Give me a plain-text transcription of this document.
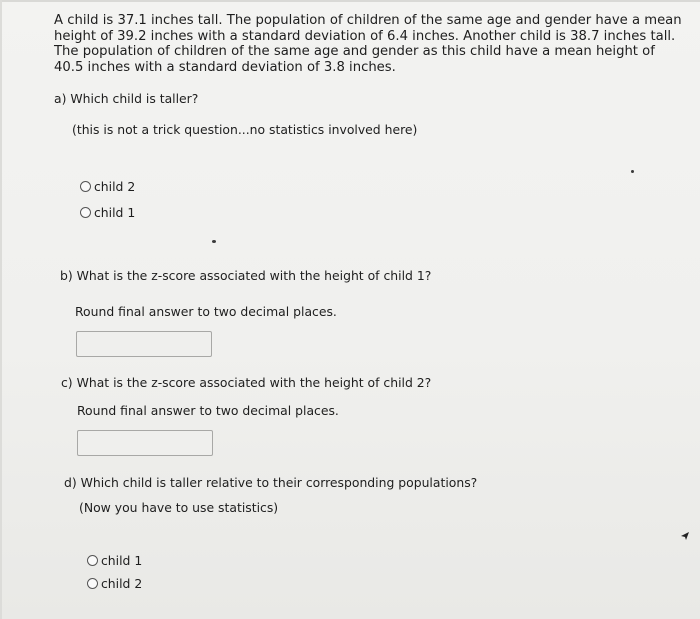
A child is 37.1 inches tall. The population of children of the same age and gender have a mean height of 39.2 inches with a standard deviation of 6.4 inches. Another child is 38.7 inches tall. The population of children of the same age and gender as this child have a mean height of 40.5 inches with a standard deviation of 3.8 inches.
a) Which child is taller?
(this is not a trick question...no statistics involved here)
child 2
child 1
b) What is the z-score associated with the height of child 1?
Round final answer to two decimal places.
c) What is the z-score associated with the height of child 2?
Round final answer to two decimal places.
d) Which child is taller relative to their corresponding populations?
(Now you have to use statistics)
child 1
child 2
